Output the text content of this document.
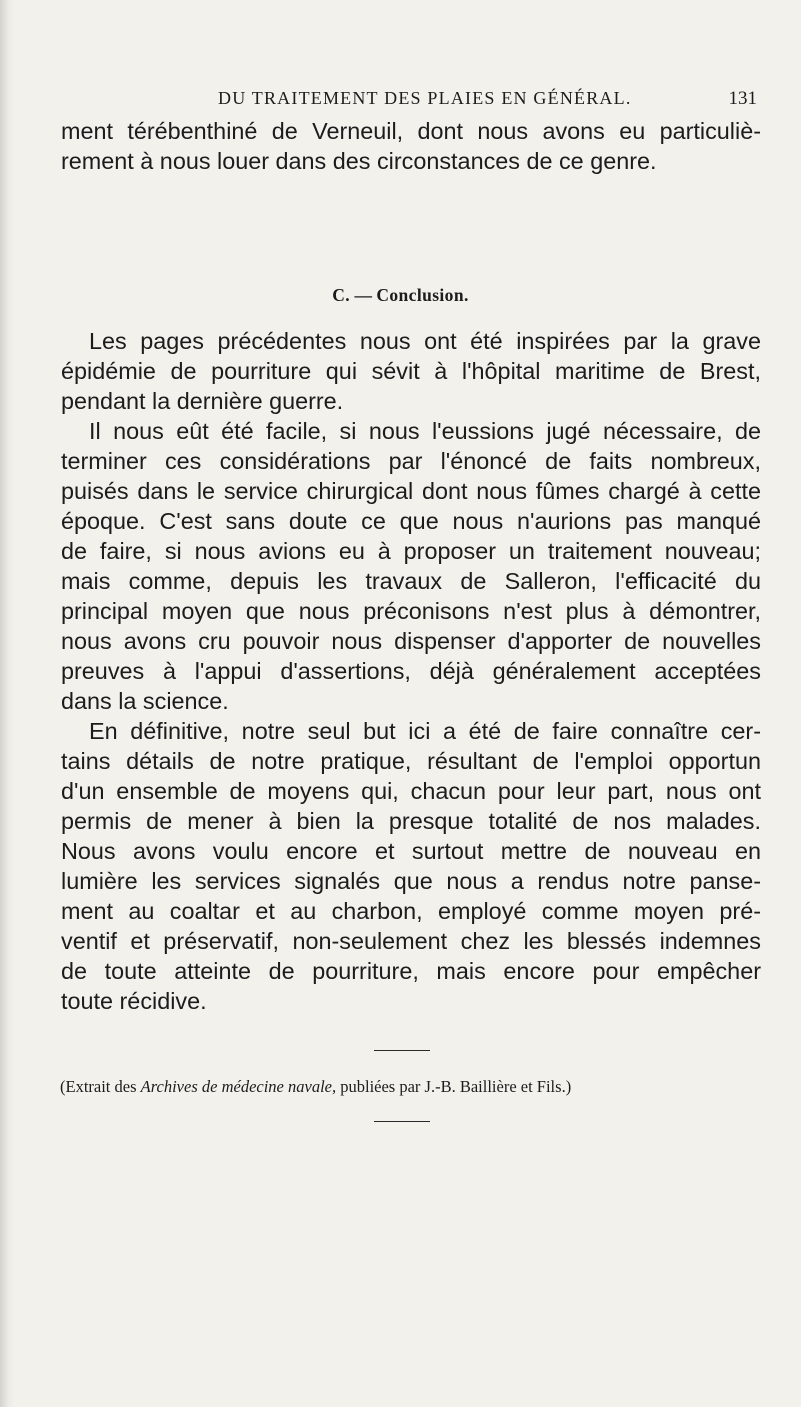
DU TRAITEMENT DES PLAIES EN GÉNÉRAL.	131
ment térébenthiné de Verneuil, dont nous avons eu particuliè-
rement à nous louer dans des circonstances de ce genre.
C. — Conclusion.
Les pages précédentes nous ont été inspirées par la grave
épidémie de pourriture qui sévit à l'hôpital maritime de Brest,
pendant la dernière guerre.
Il nous eût été facile, si nous l'eussions jugé nécessaire, de
terminer ces considérations par l'énoncé de faits nombreux,
puisés dans le service chirurgical dont nous fûmes chargé à cette
époque. C'est sans doute ce que nous n'aurions pas manqué
de faire, si nous avions eu à proposer un traitement nouveau;
mais comme, depuis les travaux de Salleron, l'efficacité du
principal moyen que nous préconisons n'est plus à démontrer,
nous avons cru pouvoir nous dispenser d'apporter de nouvelles
preuves à l'appui d'assertions, déjà généralement acceptées
dans la science.
En définitive, notre seul but ici a été de faire connaître cer-
tains détails de notre pratique, résultant de l'emploi opportun
d'un ensemble de moyens qui, chacun pour leur part, nous ont
permis de mener à bien la presque totalité de nos malades.
Nous avons voulu encore et surtout mettre de nouveau en
lumière les services signalés que nous a rendus notre panse-
ment au coaltar et au charbon, employé comme moyen pré-
ventif et préservatif, non-seulement chez les blessés indemnes
de toute atteinte de pourriture, mais encore pour empêcher
toute récidive.
(Extrait des Archives de médecine navale, publiées par J.-B. Baillière et Fils.)
